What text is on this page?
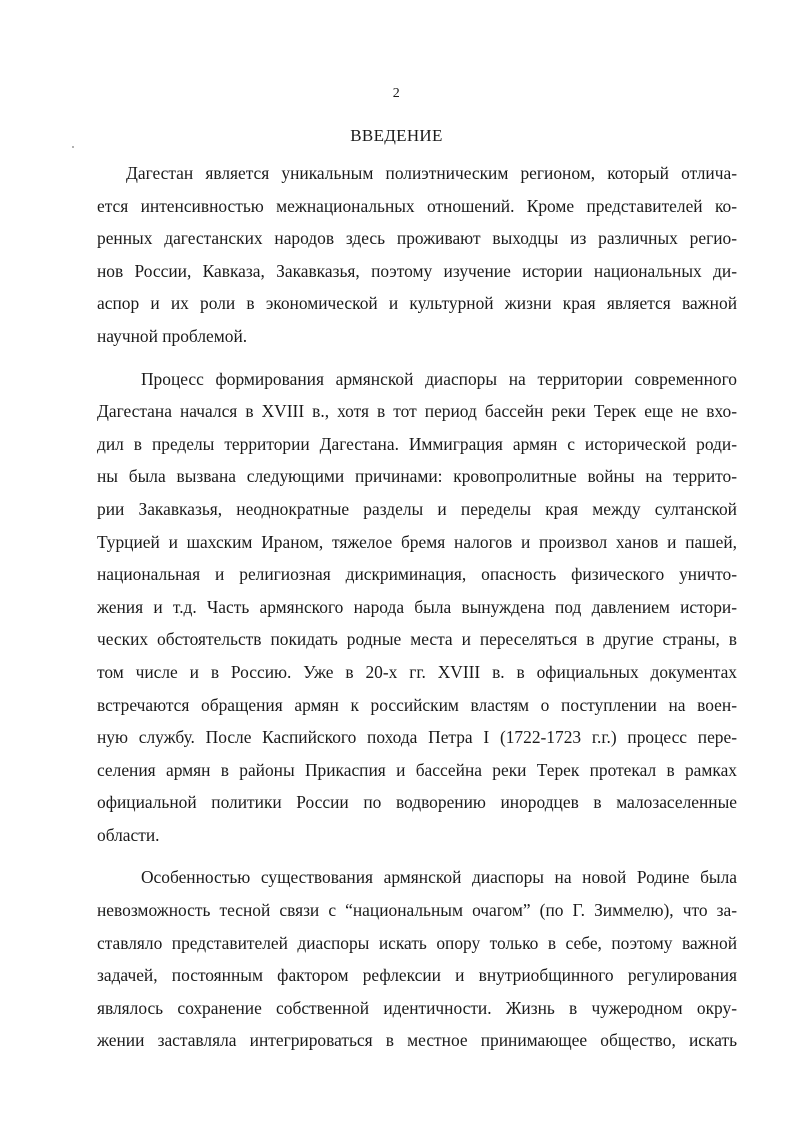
2
ВВЕДЕНИЕ
Дагестан является уникальным полиэтническим регионом, который отлича-
ется интенсивностью межнациональных отношений. Кроме представителей ко-
ренных дагестанских народов здесь проживают выходцы из различных регио-
нов России, Кавказа, Закавказья, поэтому изучение истории национальных ди-
аспор и их роли в экономической и культурной жизни края является важной
научной проблемой.
Процесс формирования армянской диаспоры на территории современного
Дагестана начался в XVIII в., хотя в тот период бассейн реки Терек еще не вхо-
дил в пределы территории Дагестана. Иммиграция армян с исторической роди-
ны была вызвана следующими причинами: кровопролитные войны на террито-
рии Закавказья, неоднократные разделы и переделы края между султанской
Турцией и шахским Ираном, тяжелое бремя налогов и произвол ханов и пашей,
национальная и религиозная дискриминация, опасность физического уничто-
жения и т.д. Часть армянского народа была вынуждена под давлением истори-
ческих обстоятельств покидать родные места и переселяться в другие страны, в
том числе и в Россию. Уже в 20-х гг. XVIII в. в официальных документах
встречаются обращения армян к российским властям о поступлении на воен-
ную службу. После Каспийского похода Петра I (1722-1723 г.г.) процесс пере-
селения армян в районы Прикаспия и бассейна реки Терек протекал в рамках
официальной политики России по водворению инородцев в малозаселенные
области.
Особенностью существования армянской диаспоры на новой Родине была
невозможность тесной связи с “национальным очагом” (по Г. Зиммелю), что за-
ставляло представителей диаспоры искать опору только в себе, поэтому важной
задачей, постоянным фактором рефлексии и внутриобщинного регулирования
являлось сохранение собственной идентичности. Жизнь в чужеродном окру-
жении заставляла интегрироваться в местное принимающее общество, искать
